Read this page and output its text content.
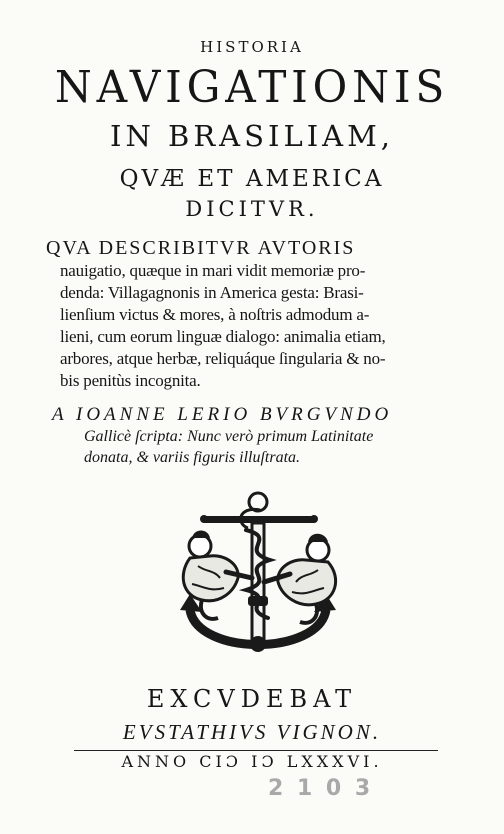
HISTORIA
NAVIGATIONIS
IN BRASILIAM,
QVÆ ET AMERICA
DICITVR.
QVA DESCRIBITVR AVTORIS
nauigatio, quæque in mari vidit memoriæ pro-
denda: Villagagnonis in America gesta: Brasi-
lienſium victus & mores, à noſtris admodum a-
lieni, cum eorum linguæ dialogo: animalia etiam,
arbores, atque herbæ, reliquáque ſingularia & no-
bis penitùs incognita.
A IOANNE LERIO BVRGVNDO
Gallicè ſcripta: Nunc verò primum Latinitate
donata, & variis figuris illuſtrata.
EXCVDEBAT
EVSTATHIVS VIGNON.
ANNO CIƆ IƆ LXXXVI.
2 1 0 3
